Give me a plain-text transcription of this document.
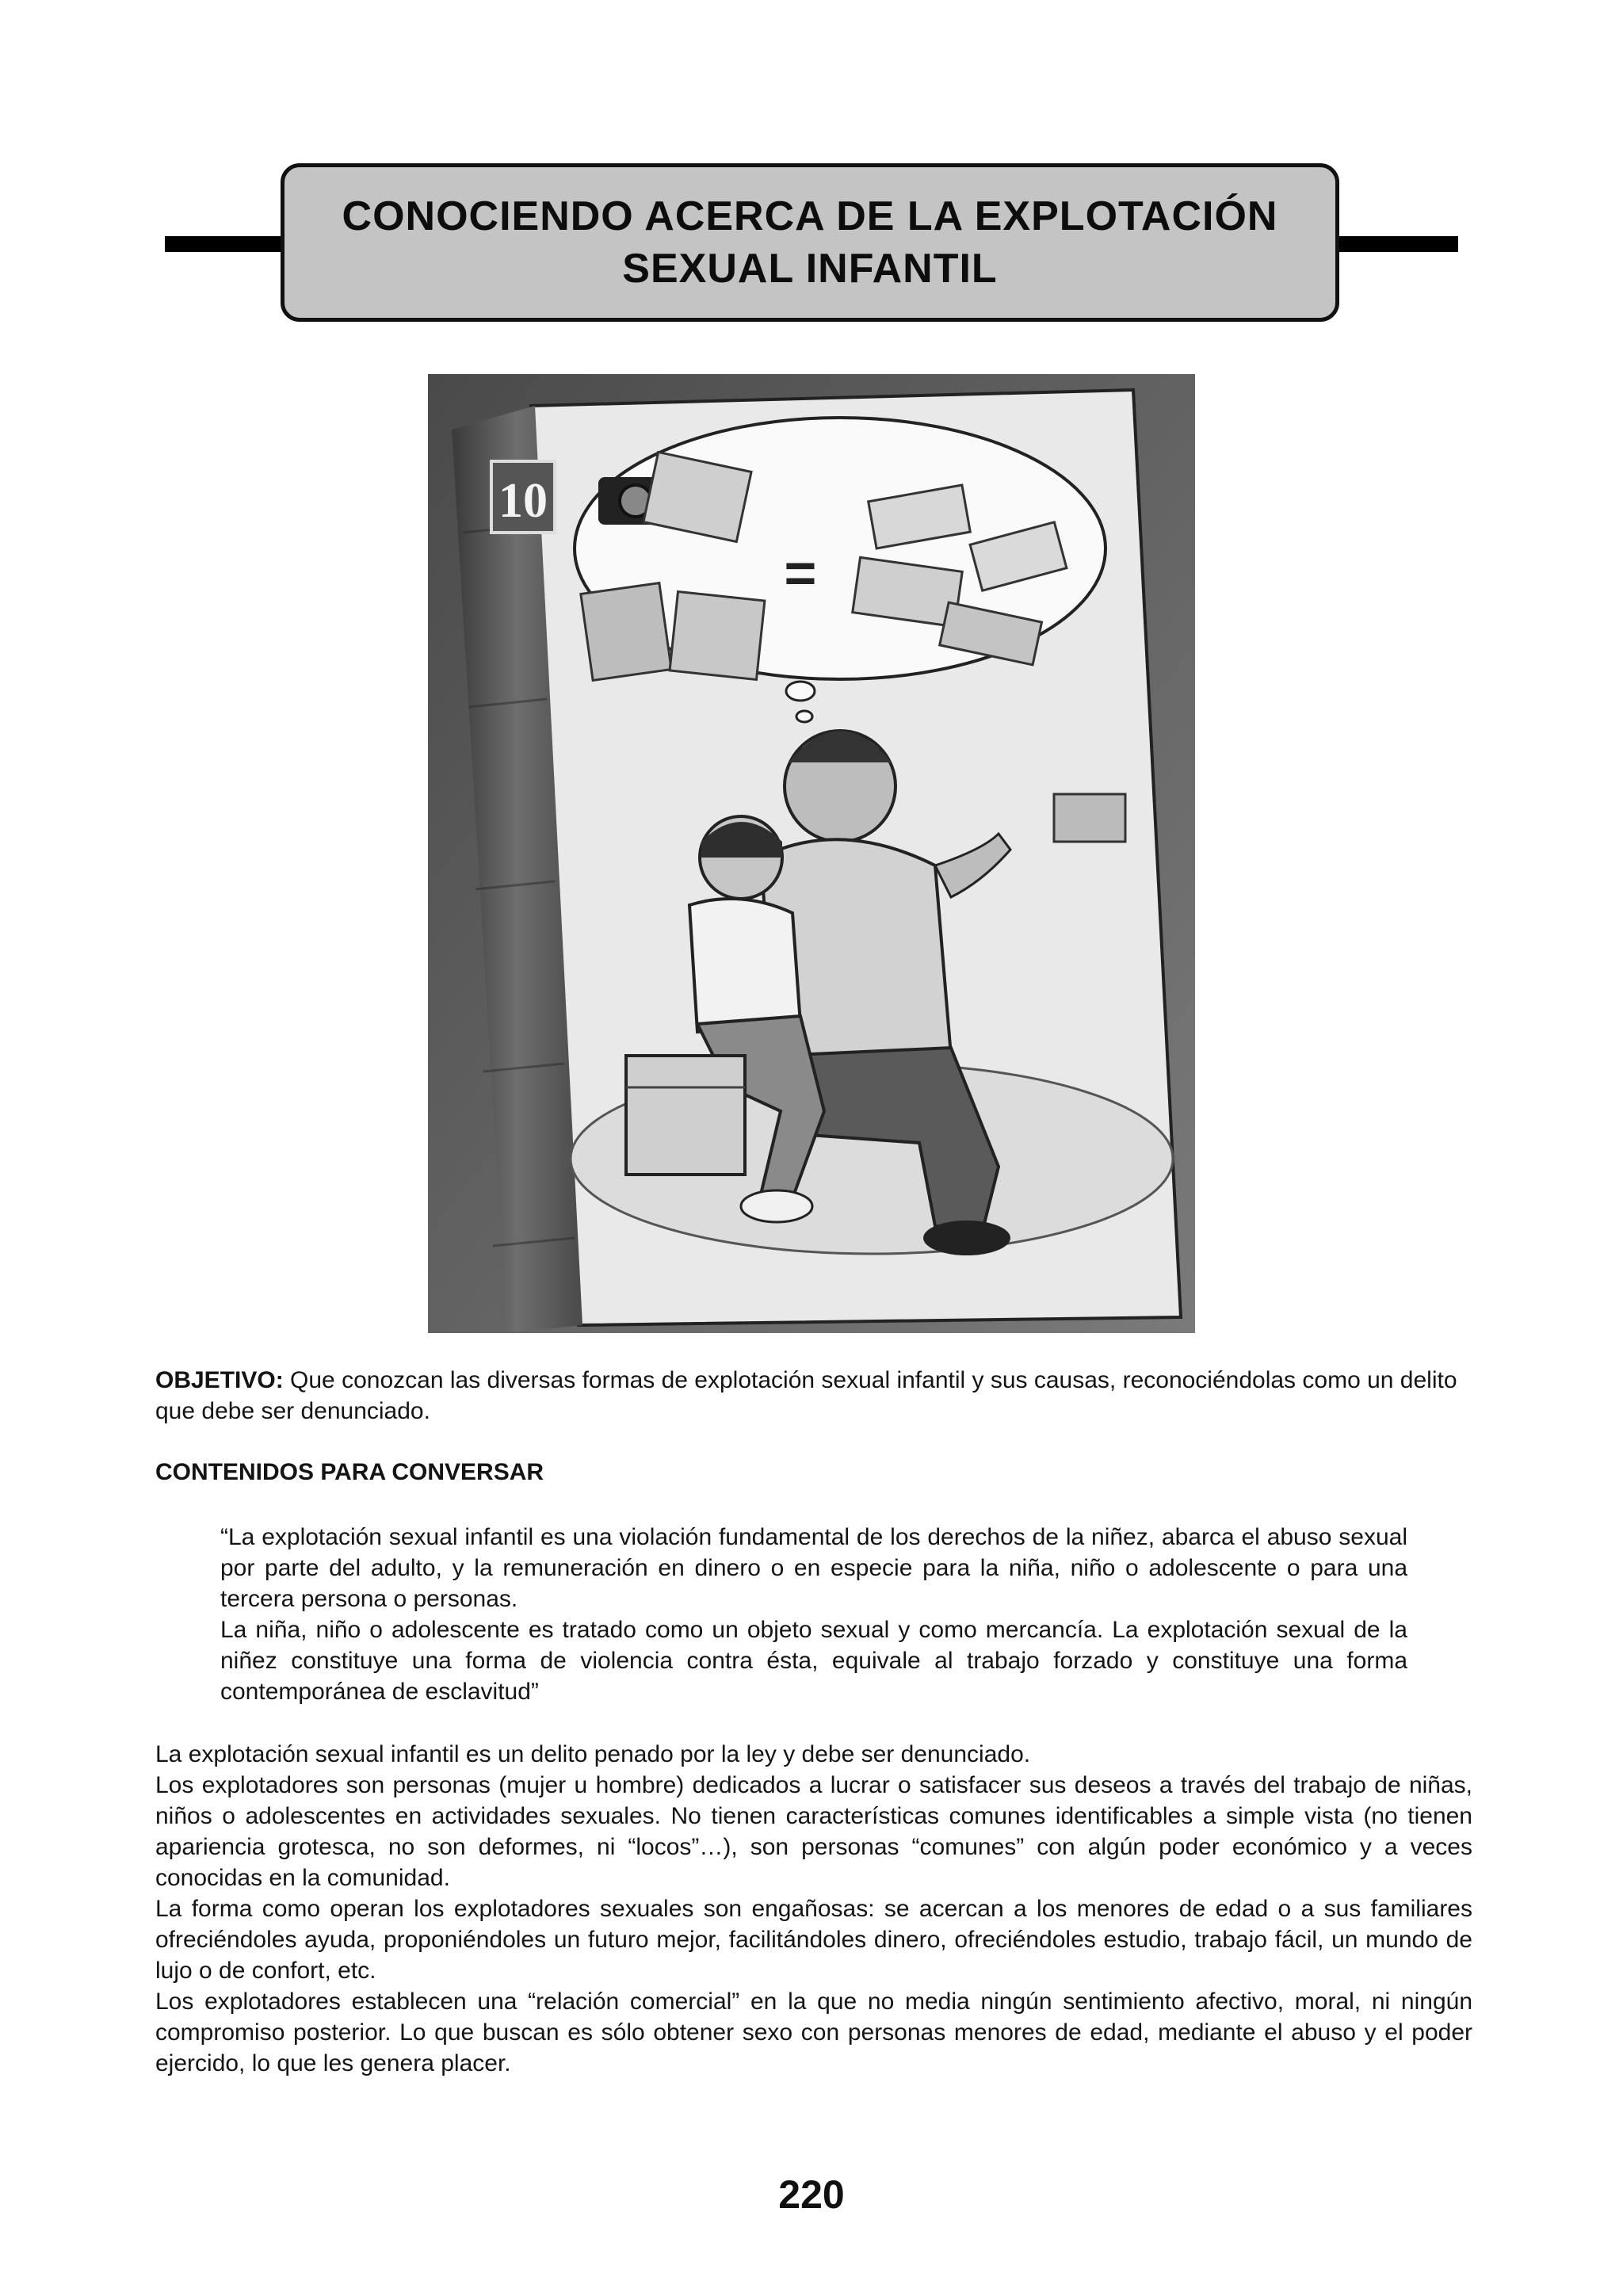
CONOCIENDO ACERCA DE LA EXPLOTACIÓN
SEXUAL INFANTIL
10
=
OBJETIVO: Que conozcan las diversas formas de explotación sexual infantil y sus causas, reconociéndolas como un delito que debe ser denunciado.
CONTENIDOS PARA CONVERSAR

“La explotación sexual infantil es una violación fundamental de los derechos de la niñez, abarca el abuso sexual por parte del adulto, y la remuneración en dinero o en especie para la niña, niño o adolescente o para una tercera persona o personas.

La niña, niño o adolescente es tratado como un objeto sexual y como mercancía. La explotación sexual de la niñez constituye una forma de violencia contra ésta, equivale al trabajo forzado y constituye una forma contemporánea de esclavitud”

La explotación sexual infantil es un delito penado por la ley y debe ser denunciado.

Los explotadores son personas (mujer u hombre) dedicados a lucrar o satisfacer sus deseos a través del trabajo de niñas, niños o adolescentes en actividades sexuales. No tienen características comunes identificables a simple vista (no tienen apariencia grotesca, no son deformes, ni “locos”…), son personas “comunes” con algún poder económico y a veces conocidas en la comunidad.

La forma como operan los explotadores sexuales son engañosas: se acercan a los menores de edad o a sus familiares ofreciéndoles ayuda, proponiéndoles un futuro mejor, facilitándoles dinero, ofreciéndoles estudio, trabajo fácil, un mundo de lujo o de confort, etc.

Los explotadores establecen una “relación comercial” en la que no media ningún sentimiento afectivo, moral, ni ningún compromiso posterior. Lo que buscan es sólo obtener sexo con personas menores de edad, mediante el abuso y el poder ejercido, lo que les genera placer.

220
